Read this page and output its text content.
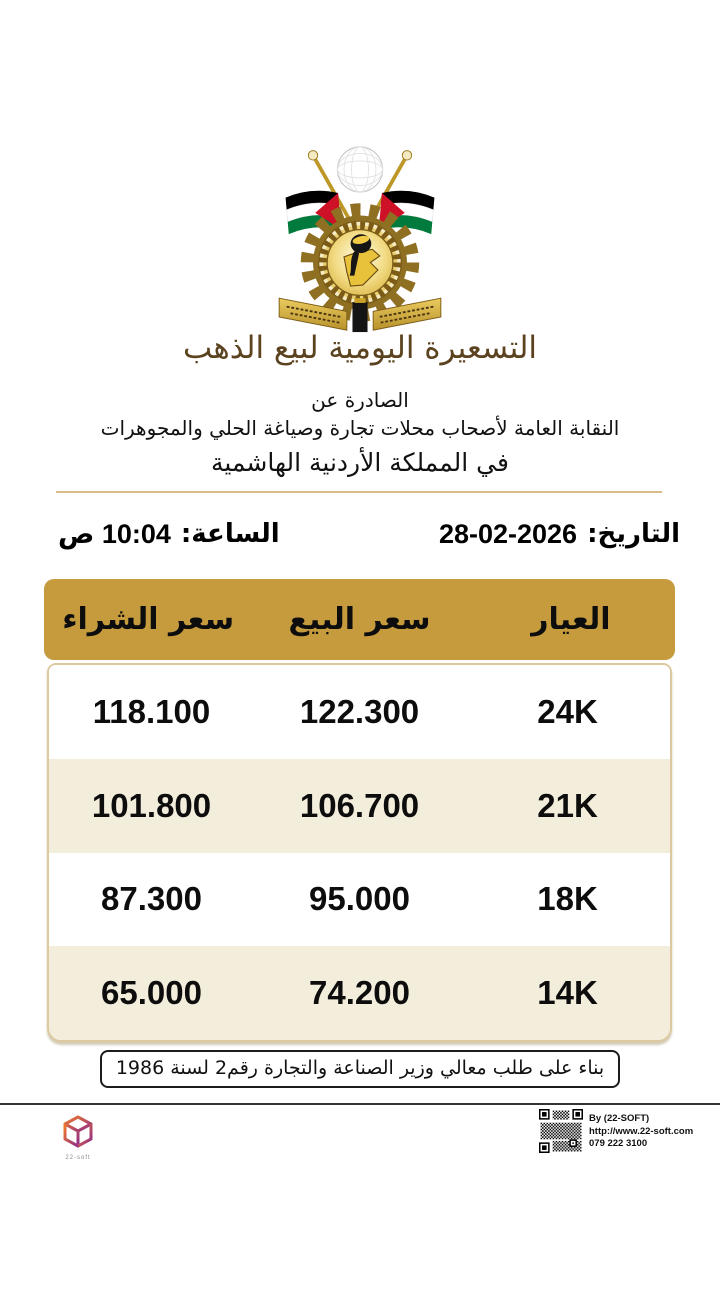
التسعيرة اليومية لبيع الذهب
الصادرة عن
النقابة العامة لأصحاب محلات تجارة وصياغة الحلي والمجوهرات
في المملكة الأردنية الهاشمية
التاريخ:
28-02-2026
الساعة:
10:04 ص
العيار
سعر البيع
سعر الشراء
24K
122.300
118.100
21K
106.700
101.800
18K
95.000
87.300
14K
74.200
65.000
بناء على طلب معالي وزير الصناعة والتجارة رقم2 لسنة 1986
22-soft
By (22-SOFT)
http://www.22-soft.com
079 222 3100
